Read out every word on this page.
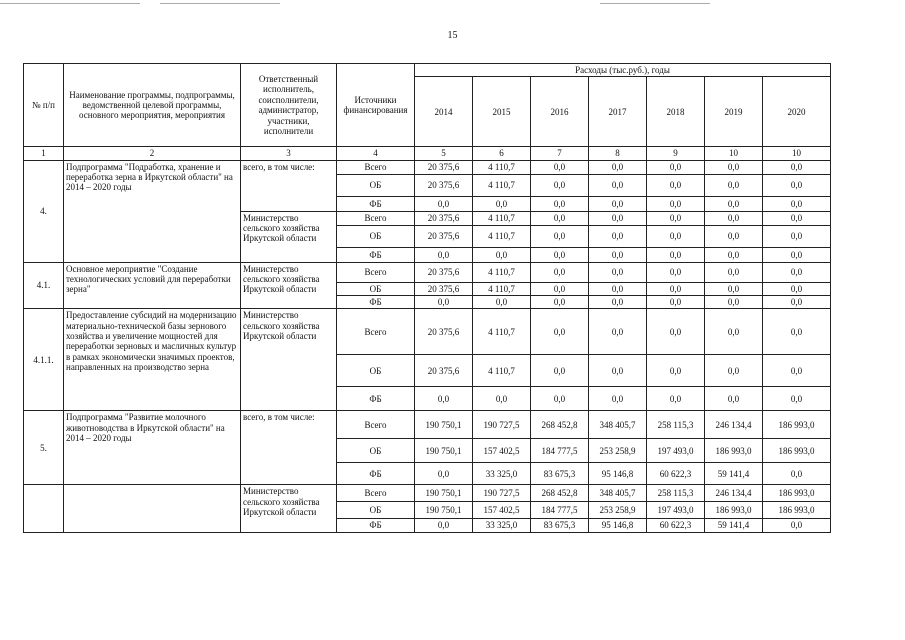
15
№ п/п	Наименование программы, подпрограммы, ведомственной целевой программы, основного мероприятия, мероприятия	Ответственный исполнитель, соисполнители, администратор, участники, исполнители	Источники финансирования	Расходы (тыс.руб.), годы						
				2014	2015	2016	2017	2018	2019	2020
1	2	3	4	5	6	7	8	9	10	10
4.	Подпрограмма "Подработка, хранение и переработка зерна в Иркутской области" на 2014 – 2020 годы	всего, в том числе:	Всего	20 375,6	4 110,7	0,0	0,0	0,0	0,0	0,0
			ОБ	20 375,6	4 110,7	0,0	0,0	0,0	0,0	0,0
			ФБ	0,0	0,0	0,0	0,0	0,0	0,0	0,0
		Министерство сельского хозяйства Иркутской области	Всего	20 375,6	4 110,7	0,0	0,0	0,0	0,0	0,0
			ОБ	20 375,6	4 110,7	0,0	0,0	0,0	0,0	0,0
			ФБ	0,0	0,0	0,0	0,0	0,0	0,0	0,0
4.1.	Основное мероприятие "Создание технологических условий для переработки зерна"	Министерство сельского хозяйства Иркутской области	Всего	20 375,6	4 110,7	0,0	0,0	0,0	0,0	0,0
			ОБ	20 375,6	4 110,7	0,0	0,0	0,0	0,0	0,0
			ФБ	0,0	0,0	0,0	0,0	0,0	0,0	0,0
4.1.1.	Предоставление субсидий на модернизацию материально-технической базы зернового хозяйства и увеличение мощностей для переработки зерновых и масличных культур в рамках экономически значимых проектов, направленных на производство зерна	Министерство сельского хозяйства Иркутской области	Всего	20 375,6	4 110,7	0,0	0,0	0,0	0,0	0,0
			ОБ	20 375,6	4 110,7	0,0	0,0	0,0	0,0	0,0
			ФБ	0,0	0,0	0,0	0,0	0,0	0,0	0,0
5.	Подпрограмма "Развитие молочного животноводства в Иркутской области" на 2014 – 2020 годы	всего, в том числе:	Всего	190 750,1	190 727,5	268 452,8	348 405,7	258 115,3	246 134,4	186 993,0
			ОБ	190 750,1	157 402,5	184 777,5	253 258,9	197 493,0	186 993,0	186 993,0
			ФБ	0,0	33 325,0	83 675,3	95 146,8	60 622,3	59 141,4	0,0
		Министерство сельского хозяйства Иркутской области	Всего	190 750,1	190 727,5	268 452,8	348 405,7	258 115,3	246 134,4	186 993,0
			ОБ	190 750,1	157 402,5	184 777,5	253 258,9	197 493,0	186 993,0	186 993,0
			ФБ	0,0	33 325,0	83 675,3	95 146,8	60 622,3	59 141,4	0,0
